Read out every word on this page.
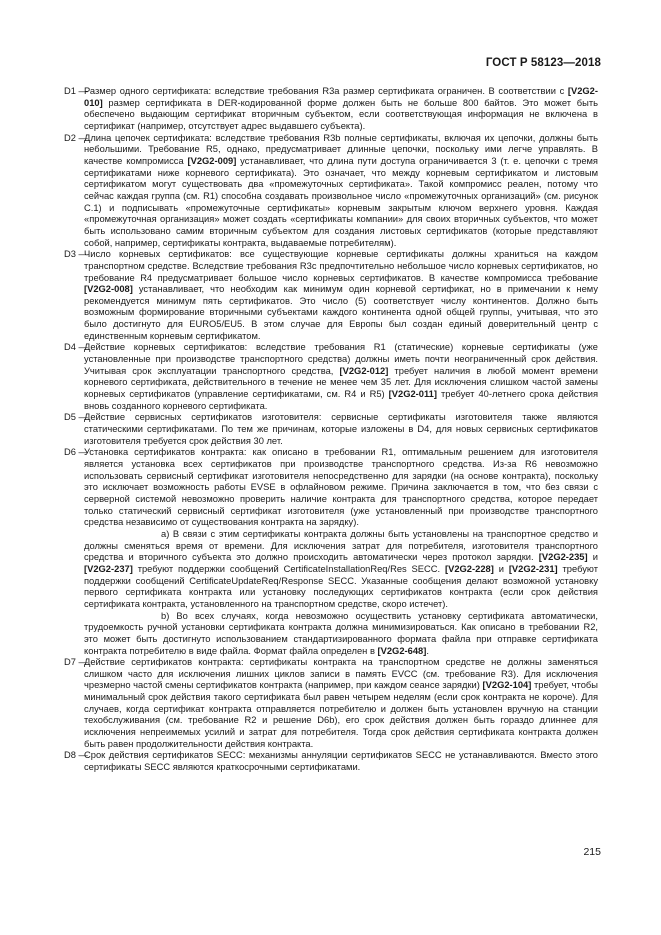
ГОСТ Р 58123—2018
D1 —

Размер одного сертификата: вследствие требования R3a размер сертификата ограничен. В соответствии с [V2G2-010] размер сертификата в DER-кодированной форме должен быть не больше 800 байтов. Это может быть обеспечено выдающим сертификат вторичным субъектом, если соответствующая информация не включена в сертификат (например, отсутствует адрес выдавшего субъекта).

D2 —

Длина цепочек сертификата: вследствие требования R3b полные сертификаты, включая их цепочки, должны быть небольшими. Требование R5, однако, предусматривает длинные цепочки, поскольку ими легче управлять. В качестве компромисса [V2G2-009] устанавливает, что длина пути доступа ограничивается 3 (т. е. цепочки с тремя сертификатами ниже корневого сертификата). Это означает, что между корневым сертификатом и листовым сертификатом могут существовать два «промежуточных сертификата». Такой компромисс реален, потому что сейчас каждая группа (см. R1) способна создавать произвольное число «промежуточных организаций» (см. рисунок С.1) и подписывать «промежуточные сертификаты» корневым закрытым ключом верхнего уровня. Каждая «промежуточная организация» может создать «сертификаты компании» для своих вторичных субъектов, что может быть использовано самим вторичным субъектом для создания листовых сертификатов (которые представляют собой, например, сертификаты контракта, выдаваемые потребителям).

D3 —

Число корневых сертификатов: все существующие корневые сертификаты должны храниться на каждом транспортном средстве. Вследствие требования R3c предпочтительно небольшое число корневых сертификатов, но требование R4 предусматривает большое число корневых сертификатов. В качестве компромисса требование [V2G2-008] устанавливает, что необходим как минимум один корневой сертификат, но в примечании к нему рекомендуется минимум пять сертификатов. Это число (5) соответствует числу континентов. Должно быть возможным формирование вторичными субъектами каждого континента одной общей группы, учитывая, что это было достигнуто для EURO5/EU5. В этом случае для Европы был создан единый доверительный центр с единственным корневым сертификатом.

D4 —

Действие корневых сертификатов: вследствие требования R1 (статические) корневые сертификаты (уже установленные при производстве транспортного средства) должны иметь почти неограниченный срок действия. Учитывая срок эксплуатации транспортного средства, [V2G2-012] требует наличия в любой момент времени корневого сертификата, действительного в течение не менее чем 35 лет. Для исключения слишком частой замены корневых сертификатов (управление сертификатами, см. R4 и R5) [V2G2-011] требует 40-летнего срока действия вновь созданного корневого сертификата.

D5 —

Действие сервисных сертификатов изготовителя: сервисные сертификаты изготовителя также являются статическими сертификатами. По тем же причинам, которые изложены в D4, для новых сервисных сертификатов изготовителя требуется срок действия 30 лет.

D6 —

Установка сертификатов контракта: как описано в требовании R1, оптимальным решением для изготовителя является установка всех сертификатов при производстве транспортного средства. Из-за R6 невозможно использовать сервисный сертификат изготовителя непосредственно для зарядки (на основе контракта), поскольку это исключает возможность работы EVSE в офлайновом режиме. Причина заключается в том, что без связи с серверной системой невозможно проверить наличие контракта для транспортного средства, которое передает только статический сервисный сертификат изготовителя (уже установленный при производстве транспортного средства независимо от существования контракта на зарядку).

а) В связи с этим сертификаты контракта должны быть установлены на транспортное средство и должны сменяться время от времени. Для исключения затрат для потребителя, изготовителя транспортного средства и вторичного субъекта это должно происходить автоматически через протокол зарядки. [V2G2-235] и [V2G2-237] требуют поддержки сообщений CertificateInstallationReq/Res SECC. [V2G2-228] и [V2G2-231] требуют поддержки сообщений CertificateUpdateReq/Response SECC. Указанные сообщения делают возможной установку первого сертификата контракта или установку последующих сертификатов контракта (если срок действия сертификата контракта, установленного на транспортном средстве, скоро истечет).

b) Во всех случаях, когда невозможно осуществить установку сертификата автоматически, трудоемкость ручной установки сертификата контракта должна минимизироваться. Как описано в требовании R2, это может быть достигнуто использованием стандартизированного формата файла при отправке сертификата контракта потребителю в виде файла. Формат файла определен в [V2G2-648].

D7 —

Действие сертификатов контракта: сертификаты контракта на транспортном средстве не должны заменяться слишком часто для исключения лишних циклов записи в память EVCC (см. требование R3). Для исключения чрезмерно частой смены сертификатов контракта (например, при каждом сеансе зарядки) [V2G2-104] требует, чтобы минимальный срок действия такого сертификата был равен четырем неделям (если срок контракта не короче). Для случаев, когда сертификат контракта отправляется потребителю и должен быть установлен вручную на станции техобслуживания (см. требование R2 и решение D6b), его срок действия должен быть гораздо длиннее для исключения непреимемых усилий и затрат для потребителя. Тогда срок действия сертификата контракта должен быть равен продолжительности действия контракта.

D8 —

Срок действия сертификатов SECC: механизмы аннуляции сертификатов SECC не устанавливаются. Вместо этого сертификаты SECC являются краткосрочными сертификатами.

215
